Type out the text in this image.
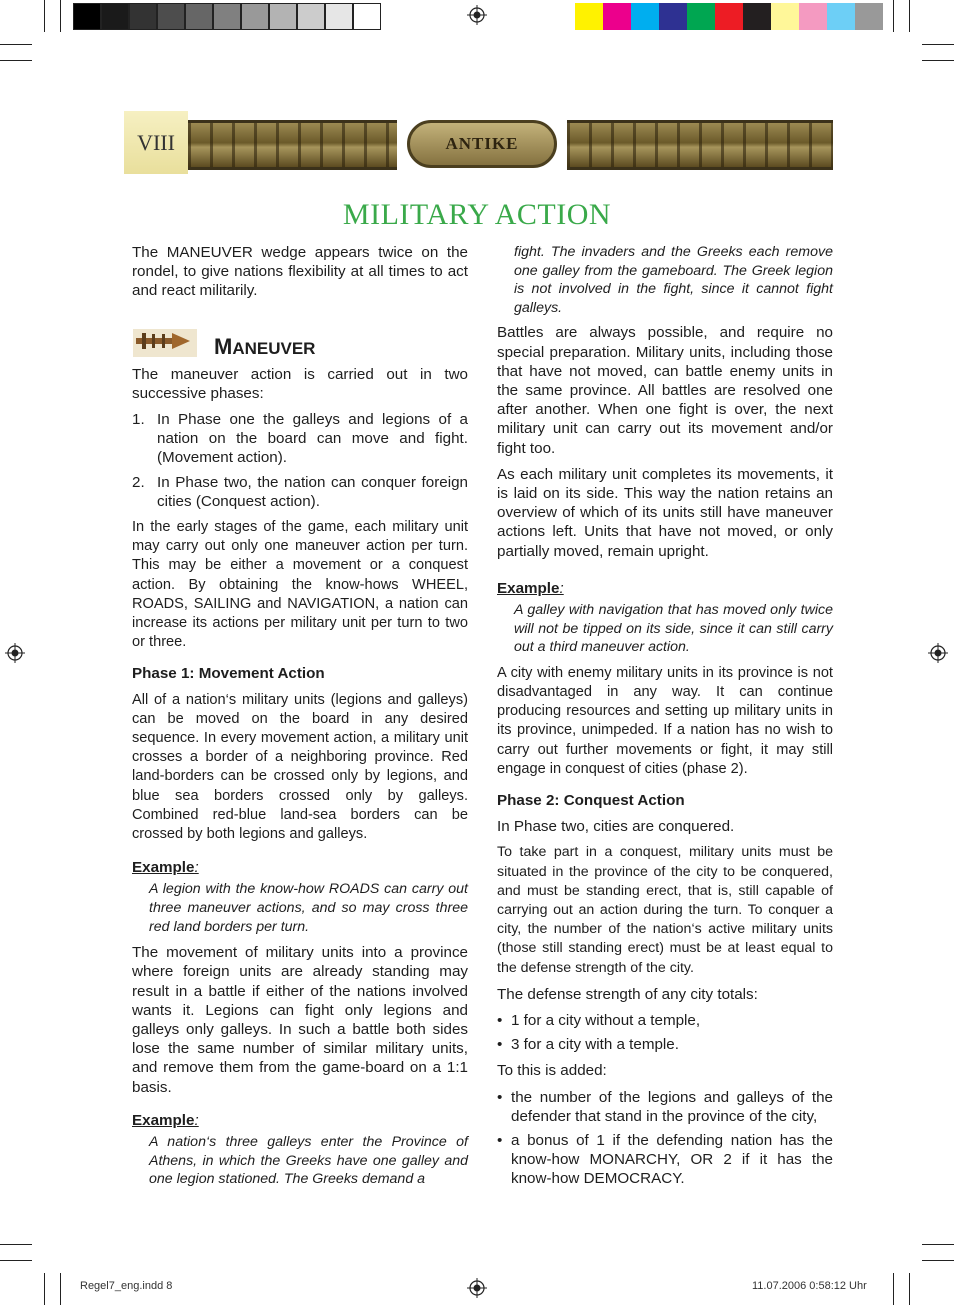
VIII	ANTIKE
MILITARY ACTION

The MANEUVER wedge appears twice on the rondel, to give nations flexibility at all times to act and react militarily.

MANEUVER

The maneuver action is carried out in two successive phases:

1. In Phase one the galleys and legions of a nation on the board can move and fight. (Movement action).
2. In Phase two, the nation can conquer foreign cities (Conquest action).

In the early stages of the game, each military unit may carry out only one maneuver action per turn. This may be either a movement or a conquest action. By obtaining the know-hows WHEEL, ROADS, SAILING and NAVIGATION, a nation can increase its actions per military unit per turn to two or three.

Phase 1: Movement Action

All of a nation‘s military units (legions and galleys) can be moved on the board in any desired sequence. In every movement action, a military unit crosses a border of a neighboring province. Red land-borders can be crossed only by legions, and blue sea borders crossed only by galleys. Combined red-blue land-sea borders can be crossed by both legions and galleys.

Example:

A legion with the know-how ROADS can carry out three maneuver actions, and so may cross three red land borders per turn.

The movement of military units into a province where foreign units are already standing may result in a battle if either of the nations involved wants it. Legions can fight only legions and galleys only galleys. In such a battle both sides lose the same number of similar military units, and remove them from the game-board on a 1:1 basis.

Example:

A nation‘s three galleys enter the Province of Athens, in which the Greeks have one galley and one legion stationed. The Greeks demand a

fight. The invaders and the Greeks each remove one galley from the gameboard. The Greek legion is not involved in the fight, since it cannot fight galleys.

Battles are always possible, and require no special preparation. Military units, including those that have not moved, can battle enemy units in the same province. All battles are resolved one after another. When one fight is over, the next military unit can carry out its movement and/or fight too.

As each military unit completes its movements, it is laid on its side. This way the nation retains an overview of which of its units still have maneuver actions left. Units that have not moved, or only partially moved, remain upright.

Example:

A galley with navigation that has moved only twice will not be tipped on its side, since it can still carry out a third maneuver action.

A city with enemy military units in its province is not disadvantaged in any way. It can continue producing resources and setting up military units in its province, unimpeded. If a nation has no wish to carry out further movements or fight, it may still engage in conquest of cities (phase 2).

Phase 2: Conquest Action

In Phase two, cities are conquered.

To take part in a conquest, military units must be situated in the province of the city to be conquered, and must be standing erect, that is, still capable of carrying out an action during the turn. To conquer a city, the number of the nation‘s active military units (those still standing erect) must be at least equal to the defense strength of the city.

The defense strength of any city totals:

• 1 for a city without a temple,
• 3 for a city with a temple.

To this is added:

• the number of the legions and galleys of the defender that stand in the province of the city,
• a bonus of 1 if the defending nation has the know-how MONARCHY, OR 2 if it has the know-how DEMOCRACY.
Regel7_eng.indd 8	11.07.2006 0:58:12 Uhr
